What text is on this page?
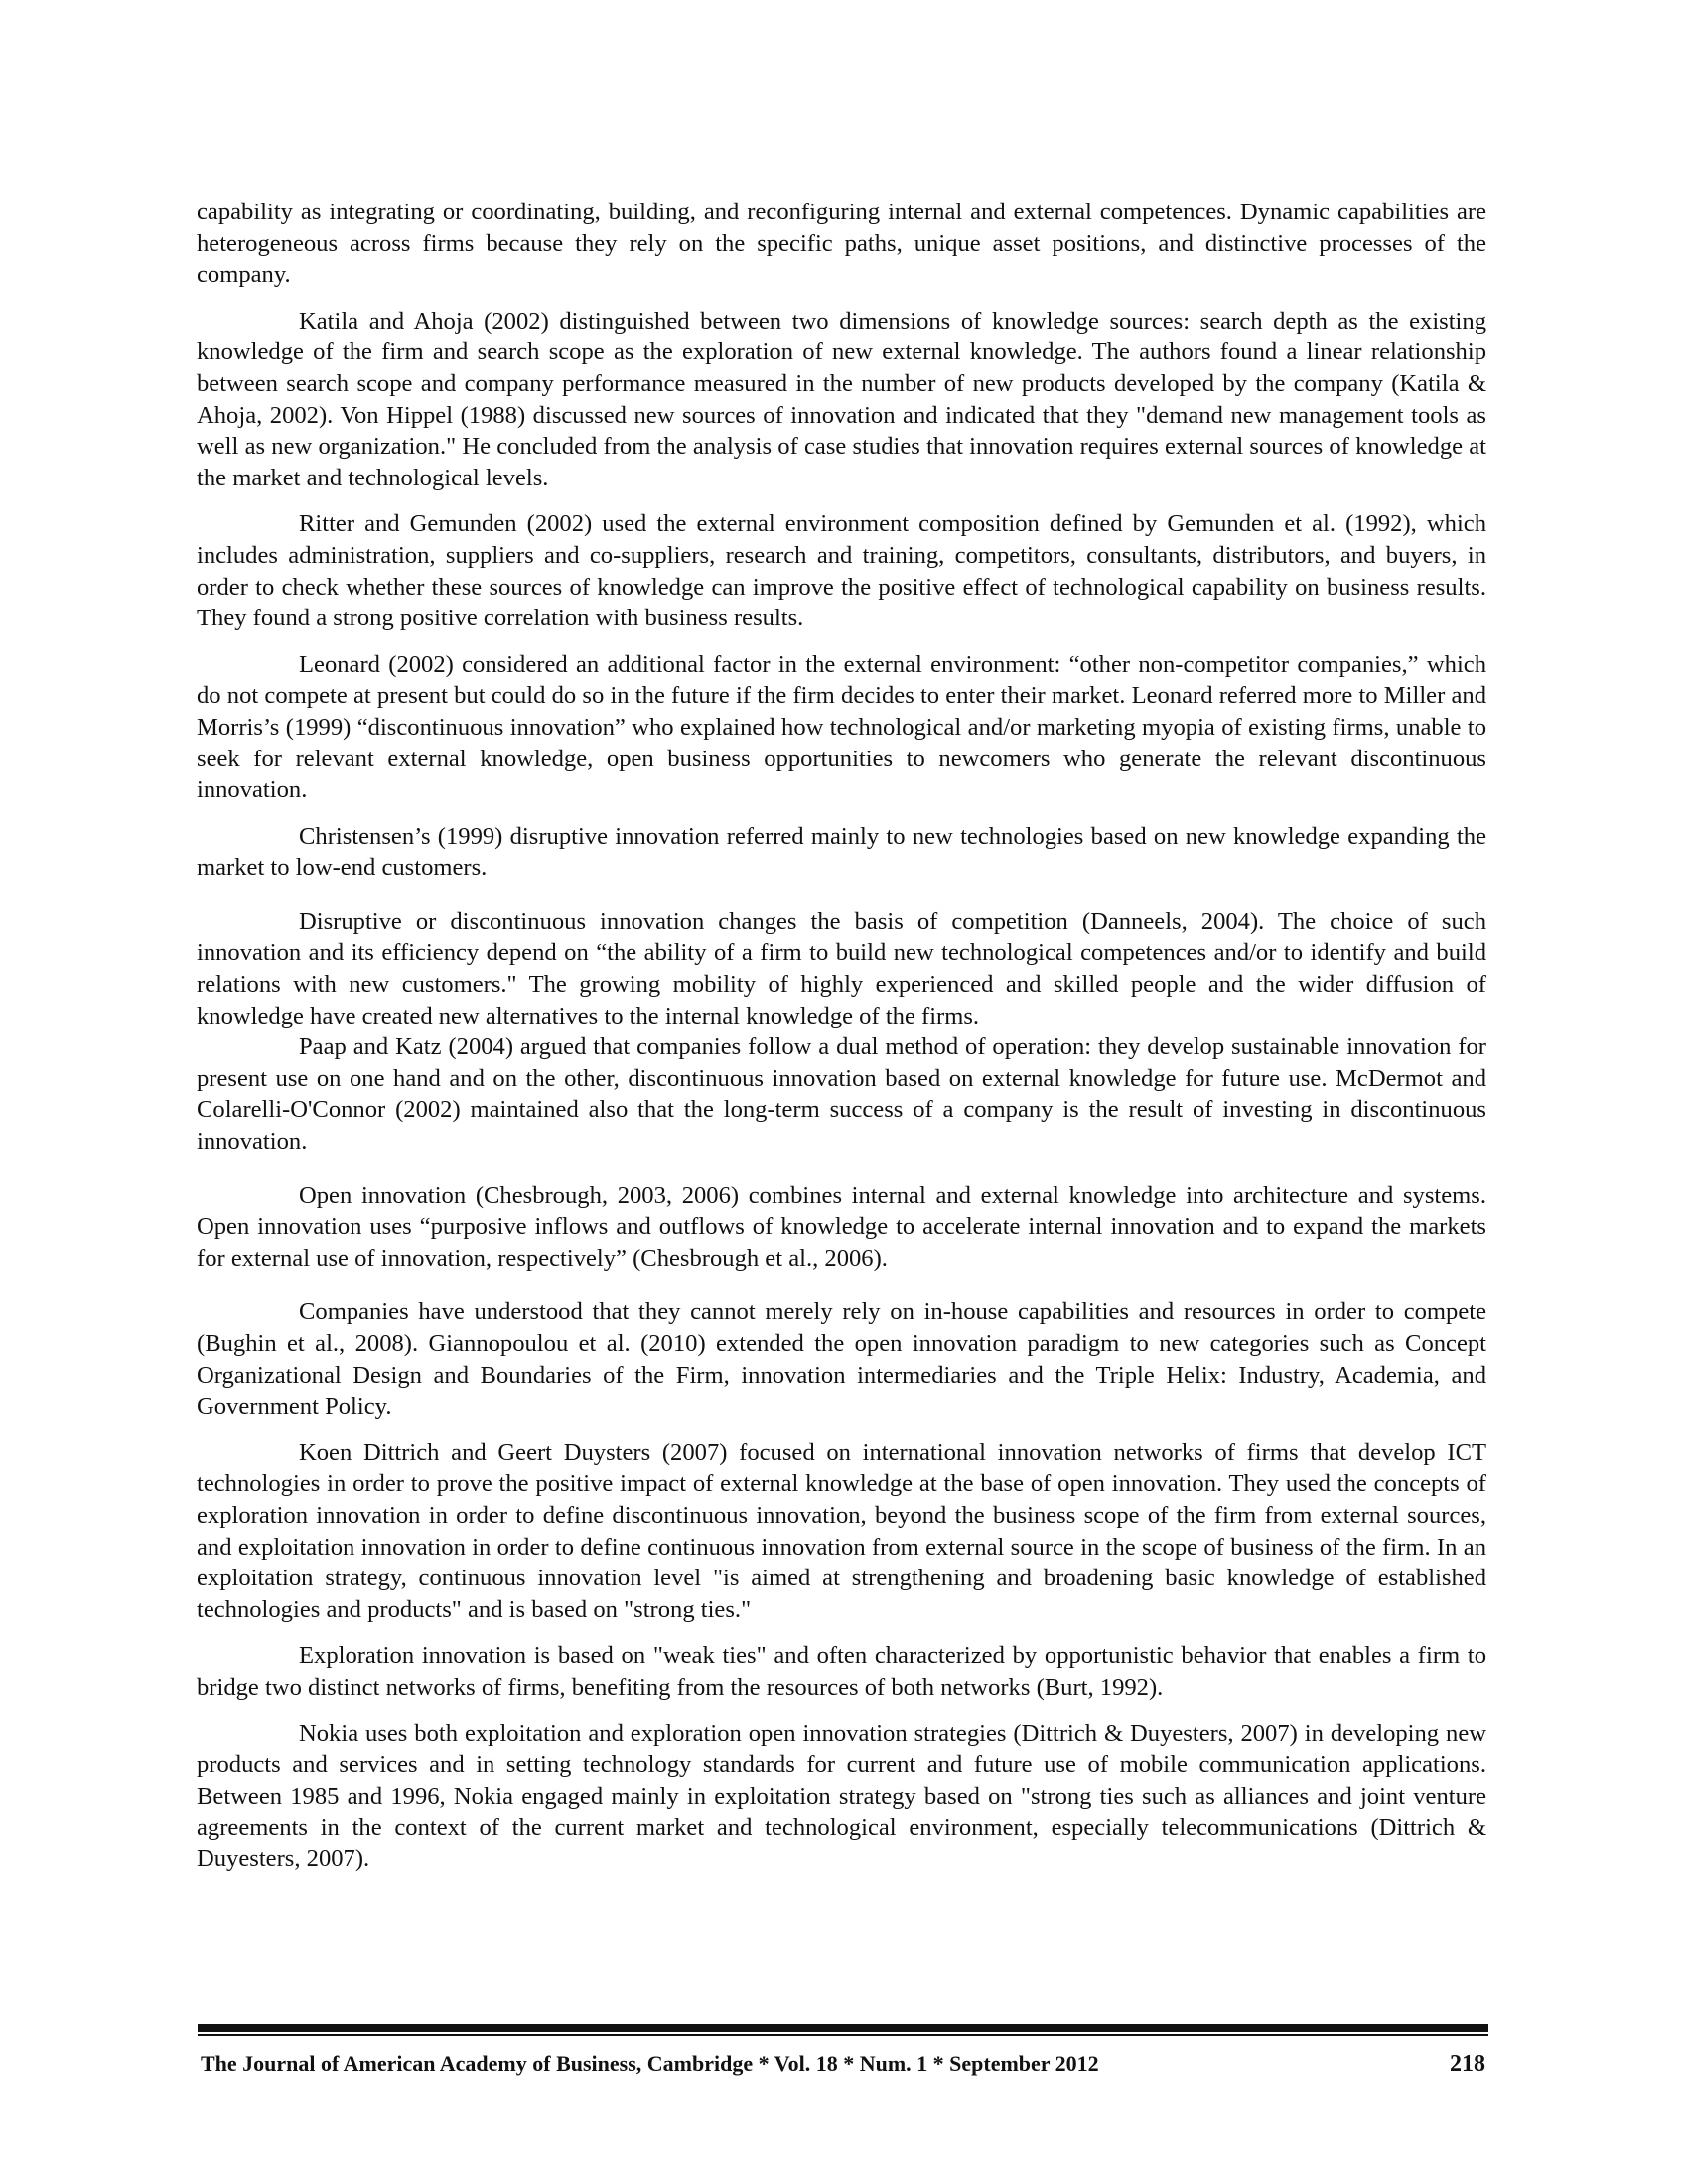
capability as integrating or coordinating, building, and reconfiguring internal and external competences. Dynamic capabilities are heterogeneous across firms because they rely on the specific paths, unique asset positions, and distinctive processes of the company.

Katila and Ahoja (2002) distinguished between two dimensions of knowledge sources: search depth as the existing knowledge of the firm and search scope as the exploration of new external knowledge. The authors found a linear relationship between search scope and company performance measured in the number of new products developed by the company (Katila & Ahoja, 2002). Von Hippel (1988) discussed new sources of innovation and indicated that they "demand new management tools as well as new organization." He concluded from the analysis of case studies that innovation requires external sources of knowledge at the market and technological levels.

Ritter and Gemunden (2002) used the external environment composition defined by Gemunden et al. (1992), which includes administration, suppliers and co-suppliers, research and training, competitors, consultants, distributors, and buyers, in order to check whether these sources of knowledge can improve the positive effect of technological capability on business results. They found a strong positive correlation with business results.

Leonard (2002) considered an additional factor in the external environment: “other non-competitor companies,” which do not compete at present but could do so in the future if the firm decides to enter their market. Leonard referred more to Miller and Morris’s (1999) “discontinuous innovation” who explained how technological and/or marketing myopia of existing firms, unable to seek for relevant external knowledge, open business opportunities to newcomers who generate the relevant discontinuous innovation.

Christensen’s (1999) disruptive innovation referred mainly to new technologies based on new knowledge expanding the market to low-end customers.

Disruptive or discontinuous innovation changes the basis of competition (Danneels, 2004). The choice of such innovation and its efficiency depend on “the ability of a firm to build new technological competences and/or to identify and build relations with new customers." The growing mobility of highly experienced and skilled people and the wider diffusion of knowledge have created new alternatives to the internal knowledge of the firms.

Paap and Katz (2004) argued that companies follow a dual method of operation: they develop sustainable innovation for present use on one hand and on the other, discontinuous innovation based on external knowledge for future use. McDermot and Colarelli-O'Connor (2002) maintained also that the long-term success of a company is the result of investing in discontinuous innovation.

Open innovation (Chesbrough, 2003, 2006) combines internal and external knowledge into architecture and systems. Open innovation uses “purposive inflows and outflows of knowledge to accelerate internal innovation and to expand the markets for external use of innovation, respectively” (Chesbrough et al., 2006).

Companies have understood that they cannot merely rely on in-house capabilities and resources in order to compete (Bughin et al., 2008). Giannopoulou et al. (2010) extended the open innovation paradigm to new categories such as Concept Organizational Design and Boundaries of the Firm, innovation intermediaries and the Triple Helix: Industry, Academia, and Government Policy.

Koen Dittrich and Geert Duysters (2007) focused on international innovation networks of firms that develop ICT technologies in order to prove the positive impact of external knowledge at the base of open innovation. They used the concepts of exploration innovation in order to define discontinuous innovation, beyond the business scope of the firm from external sources, and exploitation innovation in order to define continuous innovation from external source in the scope of business of the firm. In an exploitation strategy, continuous innovation level "is aimed at strengthening and broadening basic knowledge of established technologies and products" and is based on "strong ties."

Exploration innovation is based on "weak ties" and often characterized by opportunistic behavior that enables a firm to bridge two distinct networks of firms, benefiting from the resources of both networks (Burt, 1992).

Nokia uses both exploitation and exploration open innovation strategies (Dittrich & Duyesters, 2007) in developing new products and services and in setting technology standards for current and future use of mobile communication applications. Between 1985 and 1996, Nokia engaged mainly in exploitation strategy based on "strong ties such as alliances and joint venture agreements in the context of the current market and technological environment, especially telecommunications (Dittrich & Duyesters, 2007).

The Journal of American Academy of Business, Cambridge * Vol. 18 * Num. 1 * September 2012	218
